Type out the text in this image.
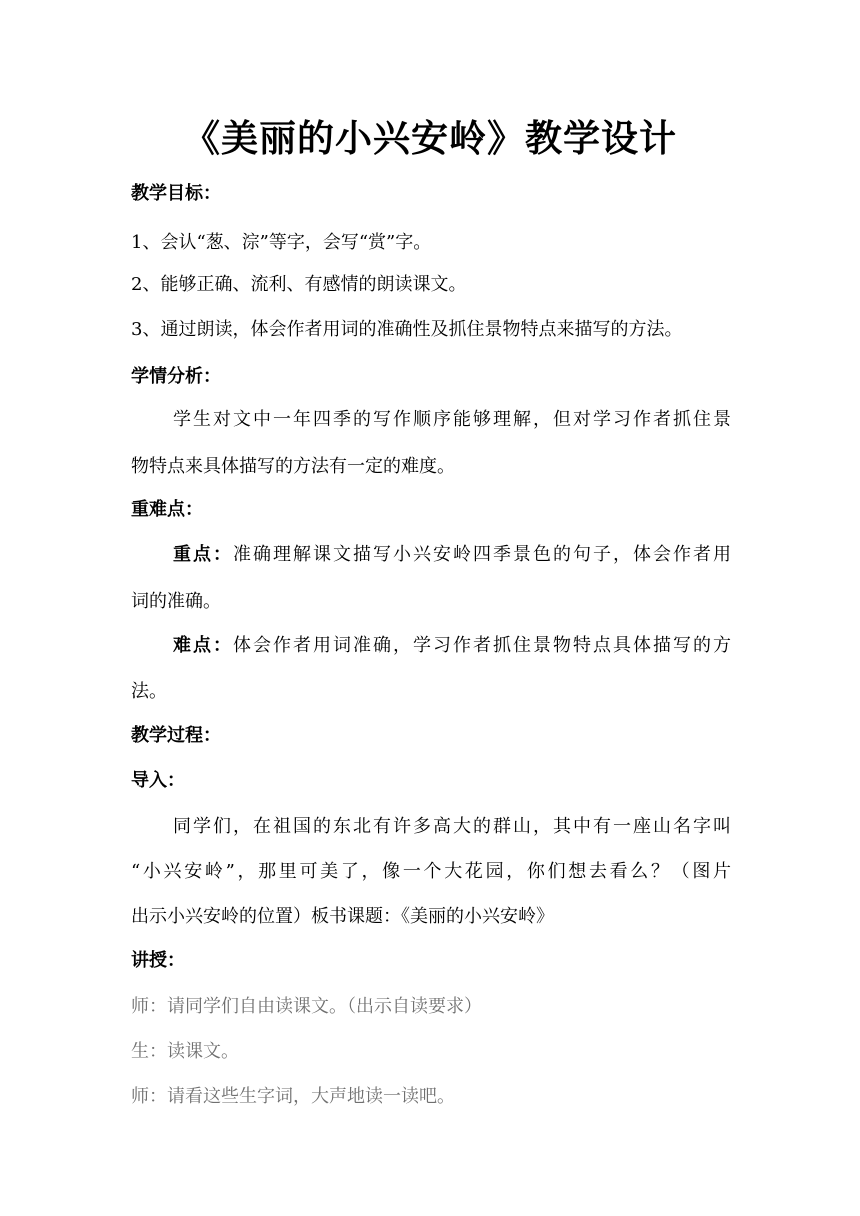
《美丽的小兴安岭》教学设计
教学目标：
1、会认“葱、淙”等字，会写“赏”字。
2、能够正确、流利、有感情的朗读课文。
3、通过朗读，体会作者用词的准确性及抓住景物特点来描写的方法。
学情分析：
学生对文中一年四季的写作顺序能够理解，但对学习作者抓住景
物特点来具体描写的方法有一定的难度。
重难点：
重点：准确理解课文描写小兴安岭四季景色的句子，体会作者用
词的准确。
难点：体会作者用词准确，学习作者抓住景物特点具体描写的方
法。
教学过程：
导入：
同学们，在祖国的东北有许多高大的群山，其中有一座山名字叫
“小兴安岭”，那里可美了，像一个大花园，你们想去看么？（图片
出示小兴安岭的位置）板书课题：《美丽的小兴安岭》
讲授：
师：请同学们自由读课文。（出示自读要求）
生：读课文。
师：请看这些生字词，大声地读一读吧。
